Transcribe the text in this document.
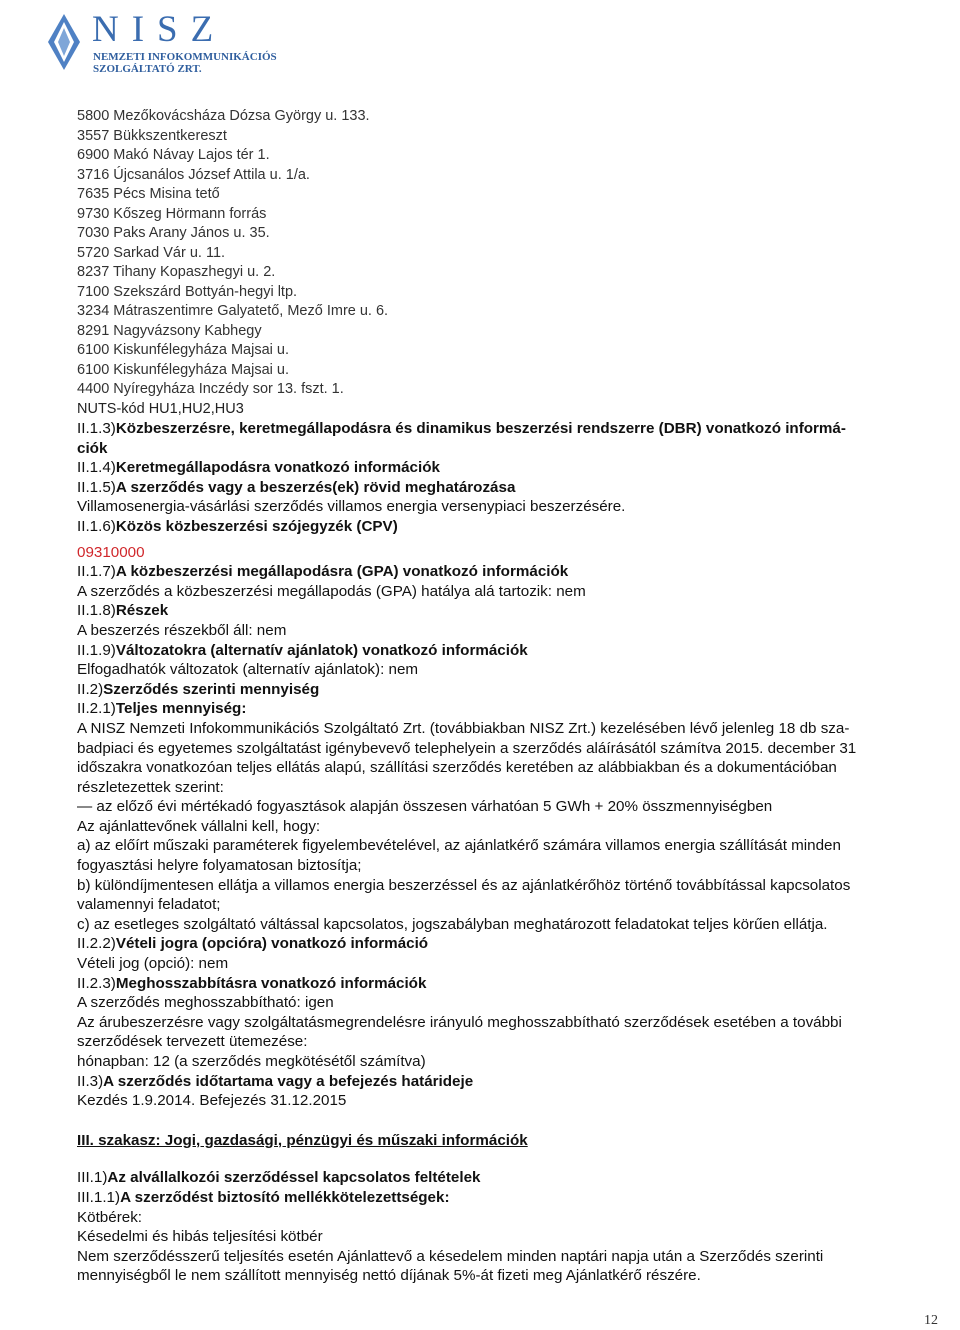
NISZ
NEMZETI INFOKOMMUNIKÁCIÓS
SZOLGÁLTATÓ ZRT.
5800 Mezőkovácsháza Dózsa György u. 133.
3557 Bükkszentkereszt
6900 Makó Návay Lajos tér 1.
3716 Újcsanálos József Attila u. 1/a.
7635 Pécs Misina tető
9730 Kőszeg Hörmann forrás
7030 Paks Arany János u. 35.
5720 Sarkad Vár u. 11.
8237 Tihany Kopaszhegyi u. 2.
7100 Szekszárd Bottyán-hegyi ltp.
3234 Mátraszentimre Galyatető, Mező Imre u. 6.
8291 Nagyvázsony Kabhegy
6100 Kiskunfélegyháza Majsai u.
6100 Kiskunfélegyháza Majsai u.
4400 Nyíregyháza Inczédy sor 13. fszt. 1.
NUTS-kód HU1,HU2,HU3
II.1.3)Közbeszerzésre, keretmegállapodásra és dinamikus beszerzési rendszerre (DBR) vonatkozó informá-
ciók
II.1.4)Keretmegállapodásra vonatkozó információk
II.1.5)A szerződés vagy a beszerzés(ek) rövid meghatározása
Villamosenergia-vásárlási szerződés villamos energia versenypiaci beszerzésére.
II.1.6)Közös közbeszerzési szójegyzék (CPV)
09310000
II.1.7)A közbeszerzési megállapodásra (GPA) vonatkozó információk
A szerződés a közbeszerzési megállapodás (GPA) hatálya alá tartozik: nem
II.1.8)Részek
A beszerzés részekből áll: nem
II.1.9)Változatokra (alternatív ajánlatok) vonatkozó információk
Elfogadhatók változatok (alternatív ajánlatok): nem
II.2)Szerződés szerinti mennyiség
II.2.1)Teljes mennyiség:
A NISZ Nemzeti Infokommunikációs Szolgáltató Zrt. (továbbiakban NISZ Zrt.) kezelésében lévő jelenleg 18 db sza-
badpiaci és egyetemes szolgáltatást igénybevevő telephelyein a szerződés aláírásától számítva 2015. december 31
időszakra vonatkozóan teljes ellátás alapú, szállítási szerződés keretében az alábbiakban és a dokumentációban
részletezettek szerint:
— az előző évi mértékadó fogyasztások alapján összesen várhatóan 5 GWh + 20% összmennyiségben
Az ajánlattevőnek vállalni kell, hogy:
a) az előírt műszaki paraméterek figyelembevételével, az ajánlatkérő számára villamos energia szállítását minden
fogyasztási helyre folyamatosan biztosítja;
b) különdíjmentesen ellátja a villamos energia beszerzéssel és az ajánlatkérőhöz történő továbbítással kapcsolatos
valamennyi feladatot;
c) az esetleges szolgáltató váltással kapcsolatos, jogszabályban meghatározott feladatokat teljes körűen ellátja.
II.2.2)Vételi jogra (opcióra) vonatkozó információ
Vételi jog (opció): nem
II.2.3)Meghosszabbításra vonatkozó információk
A szerződés meghosszabbítható: igen
Az árubeszerzésre vagy szolgáltatásmegrendelésre irányuló meghosszabbítható szerződések esetében a további
szerződések tervezett ütemezése:
hónapban: 12 (a szerződés megkötésétől számítva)
II.3)A szerződés időtartama vagy a befejezés határideje
Kezdés 1.9.2014. Befejezés 31.12.2015
III. szakasz: Jogi, gazdasági, pénzügyi és műszaki információk
III.1)Az alvállalkozói szerződéssel kapcsolatos feltételek
III.1.1)A szerződést biztosító mellékkötelezettségek:
Kötbérek:
Késedelmi és hibás teljesítési kötbér
Nem szerződésszerű teljesítés esetén Ajánlattevő a késedelem minden naptári napja után a Szerződés szerinti
mennyiségből le nem szállított mennyiség nettó díjának 5%-át fizeti meg Ajánlatkérő részére.
12
